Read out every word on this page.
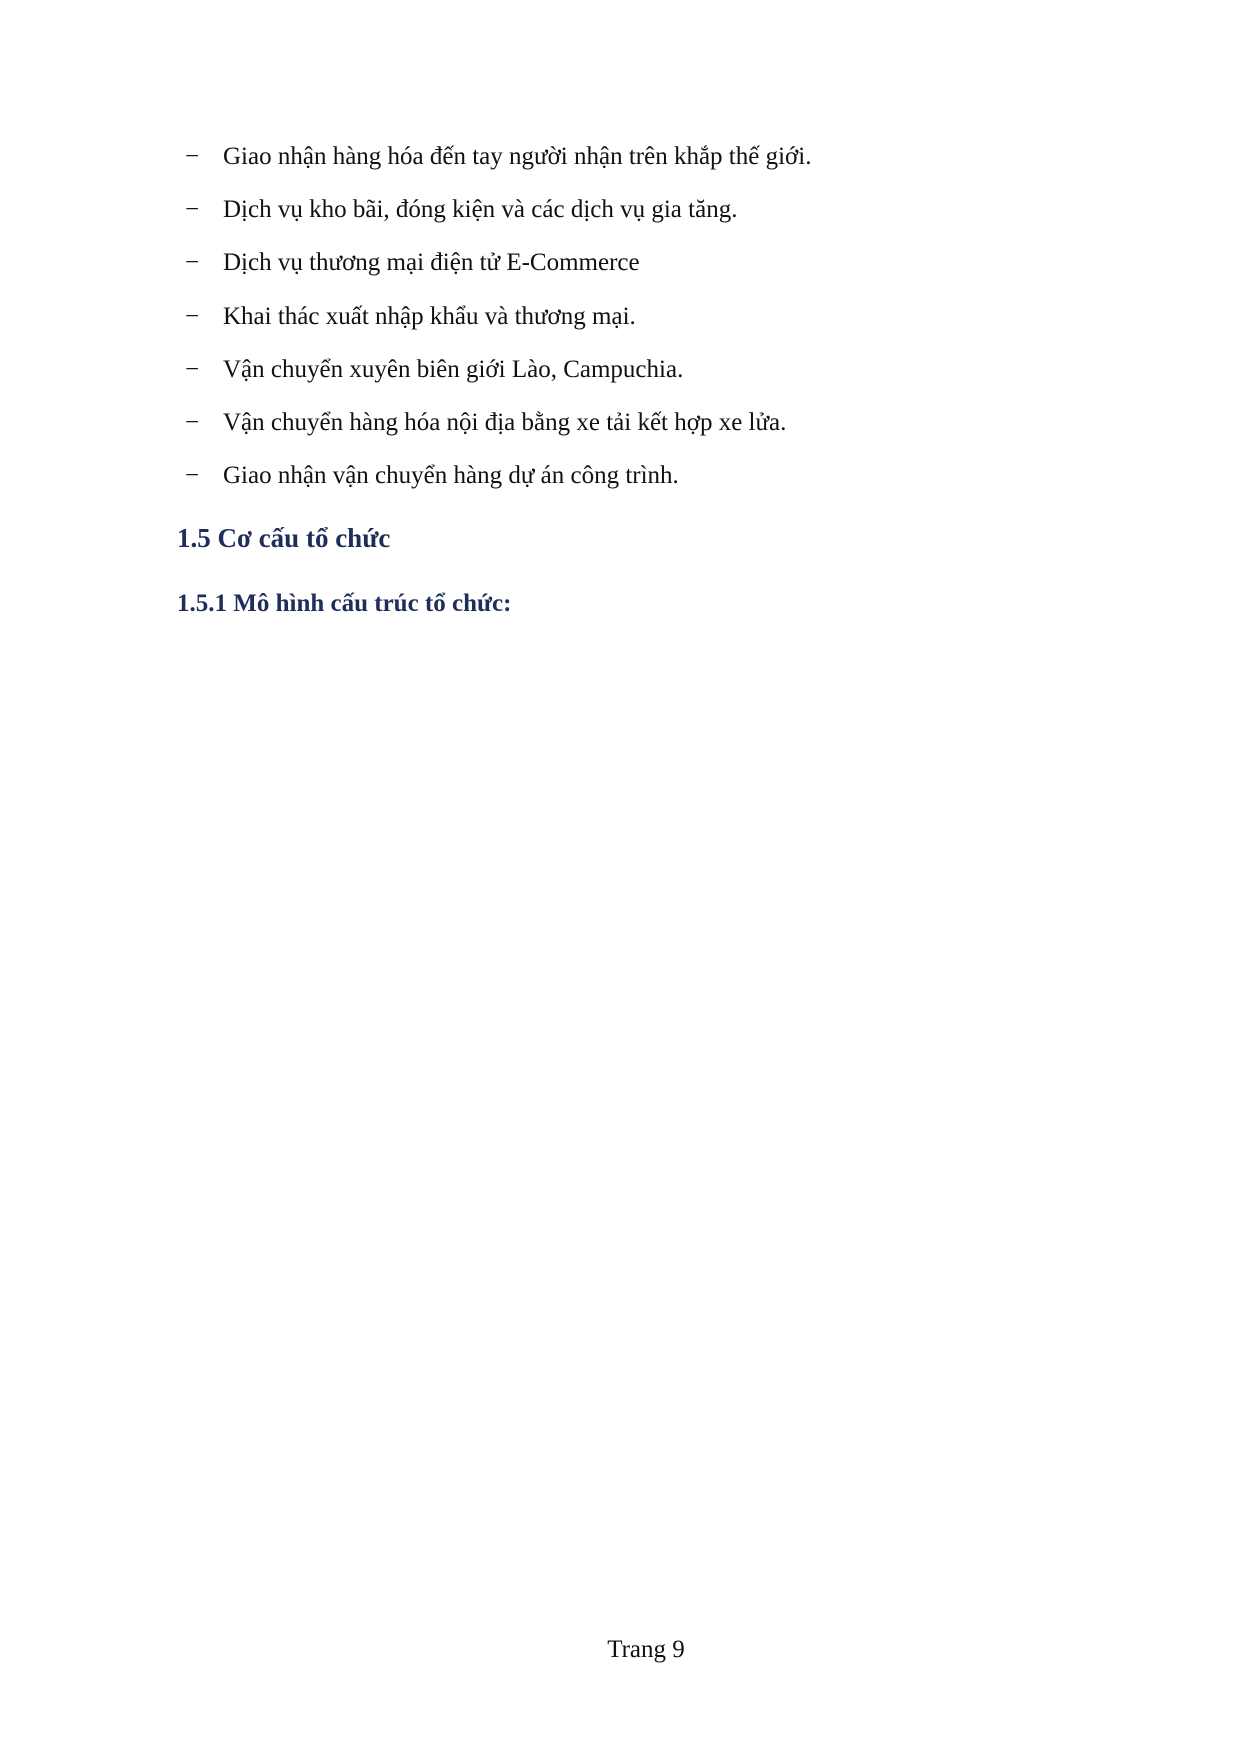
− Giao nhận hàng hóa đến tay người nhận trên khắp thế giới.
− Dịch vụ kho bãi, đóng kiện và các dịch vụ gia tăng.
− Dịch vụ thương mại điện tử E-Commerce
− Khai thác xuất nhập khẩu và thương mại.
− Vận chuyển xuyên biên giới Lào, Campuchia.
− Vận chuyển hàng hóa nội địa bằng xe tải kết hợp xe lửa.
− Giao nhận vận chuyển hàng dự án công trình.
1.5 Cơ cấu tổ chức
1.5.1 Mô hình cấu trúc tổ chức:
Trang 9
